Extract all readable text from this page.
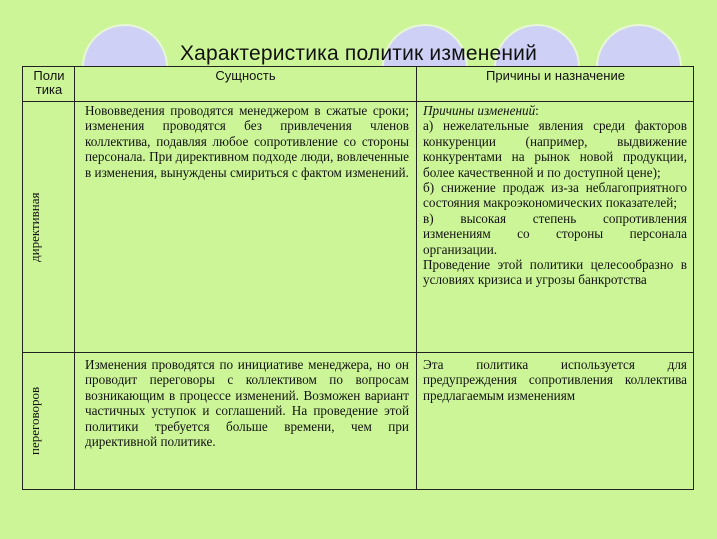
Характеристика политик изменений
Поли тика
Сущность	Причины и назначение
директивная
Нововведения проводятся менеджером в сжатые сроки; изменения проводятся без привлечения членов коллектива, подавляя любое сопротивление со стороны персонала. При директивном подходе люди, вовлеченные в изменения, вынуждены смириться с фактом изменений.

Причины изменений:

а) нежелательные явления среди факторов конкуренции (например, выдвижение конкурентами на рынок новой продукции, более качественной и по доступной цене);

б) снижение продаж из-за неблагоприятного состояния макроэкономических показателей;

в) высокая степень сопротивления изменениям со стороны персонала организации.

Проведение этой политики целесообразно в условиях кризиса и угрозы банкротства

переговоров
Изменения проводятся по инициативе менеджера, но он проводит переговоры с коллективом по вопросам возникающим в процессе изменений. Возможен вариант частичных уступок и соглашений. На проведение этой политики требуется больше времени, чем при директивной политике.
Эта политика используется для предупреждения сопротивления коллектива предлагаемым изменениям
